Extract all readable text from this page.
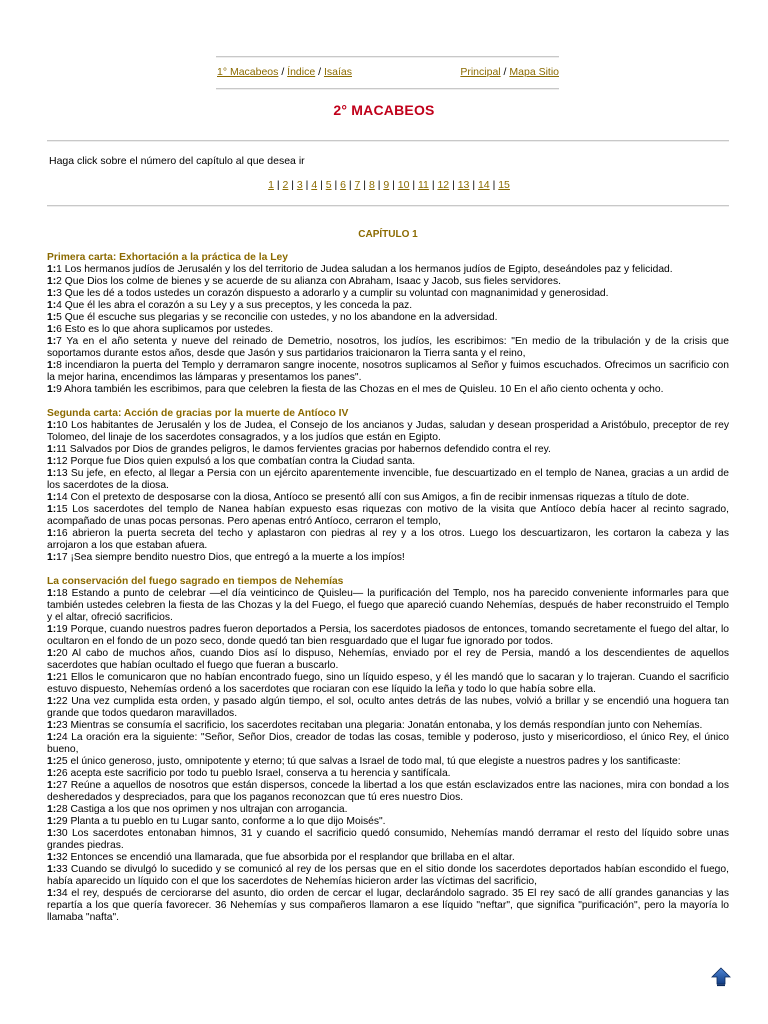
1° Macabeos / Índice / Isaías	Principal / Mapa Sitio
2° MACABEOS
Haga click sobre el número del capítulo al que desea ir
1 | 2 | 3 | 4 | 5 | 6 | 7 | 8 | 9 | 10 | 11 | 12 | 13 | 14 | 15
CAPÍTULO 1

Primera carta: Exhortación a la práctica de la Ley

1:1 Los hermanos judíos de Jerusalén y los del territorio de Judea saludan a los hermanos judíos de Egipto, deseándoles paz y felicidad.

1:2 Que Dios los colme de bienes y se acuerde de su alianza con Abraham, Isaac y Jacob, sus fieles servidores.

1:3 Que les dé a todos ustedes un corazón dispuesto a adorarlo y a cumplir su voluntad con magnanimidad y generosidad.

1:4 Que él les abra el corazón a su Ley y a sus preceptos, y les conceda la paz.

1:5 Que él escuche sus plegarias y se reconcilie con ustedes, y no los abandone en la adversidad.

1:6 Esto es lo que ahora suplicamos por ustedes.

1:7 Ya en el año setenta y nueve del reinado de Demetrio, nosotros, los judíos, les escribimos: "En medio de la tribulación y de la crisis que soportamos durante estos años, desde que Jasón y sus partidarios traicionaron la Tierra santa y el reino,

1:8 incendiaron la puerta del Templo y derramaron sangre inocente, nosotros suplicamos al Señor y fuimos escuchados. Ofrecimos un sacrificio con la mejor harina, encendimos las lámparas y presentamos los panes".

1:9 Ahora también les escribimos, para que celebren la fiesta de las Chozas en el mes de Quisleu. 10 En el año ciento ochenta y ocho.

Segunda carta: Acción de gracias por la muerte de Antíoco IV

1:10 Los habitantes de Jerusalén y los de Judea, el Consejo de los ancianos y Judas, saludan y desean prosperidad a Aristóbulo, preceptor de rey Tolomeo, del linaje de los sacerdotes consagrados, y a los judíos que están en Egipto.

1:11 Salvados por Dios de grandes peligros, le damos fervientes gracias por habernos defendido contra el rey.

1:12 Porque fue Dios quien expulsó a los que combatían contra la Ciudad santa.

1:13 Su jefe, en efecto, al llegar a Persia con un ejército aparentemente invencible, fue descuartizado en el templo de Nanea, gracias a un ardid de los sacerdotes de la diosa.

1:14 Con el pretexto de desposarse con la diosa, Antíoco se presentó allí con sus Amigos, a fin de recibir inmensas riquezas a título de dote.

1:15 Los sacerdotes del templo de Nanea habían expuesto esas riquezas con motivo de la visita que Antíoco debía hacer al recinto sagrado, acompañado de unas pocas personas. Pero apenas entró Antíoco, cerraron el templo,

1:16 abrieron la puerta secreta del techo y aplastaron con piedras al rey y a los otros. Luego los descuartizaron, les cortaron la cabeza y las arrojaron a los que estaban afuera.

1:17 ¡Sea siempre bendito nuestro Dios, que entregó a la muerte a los impíos!

La conservación del fuego sagrado en tiempos de Nehemías

1:18 Estando a punto de celebrar —el día veinticinco de Quisleu— la purificación del Templo, nos ha parecido conveniente informarles para que también ustedes celebren la fiesta de las Chozas y la del Fuego, el fuego que apareció cuando Nehemías, después de haber reconstruido el Templo y el altar, ofreció sacrificios.

1:19 Porque, cuando nuestros padres fueron deportados a Persia, los sacerdotes piadosos de entonces, tomando secretamente el fuego del altar, lo ocultaron en el fondo de un pozo seco, donde quedó tan bien resguardado que el lugar fue ignorado por todos.

1:20 Al cabo de muchos años, cuando Dios así lo dispuso, Nehemías, enviado por el rey de Persia, mandó a los descendientes de aquellos sacerdotes que habían ocultado el fuego que fueran a buscarlo.

1:21 Ellos le comunicaron que no habían encontrado fuego, sino un líquido espeso, y él les mandó que lo sacaran y lo trajeran. Cuando el sacrificio estuvo dispuesto, Nehemías ordenó a los sacerdotes que rociaran con ese líquido la leña y todo lo que había sobre ella.

1:22 Una vez cumplida esta orden, y pasado algún tiempo, el sol, oculto antes detrás de las nubes, volvió a brillar y se encendió una hoguera tan grande que todos quedaron maravillados.

1:23 Mientras se consumía el sacrificio, los sacerdotes recitaban una plegaria: Jonatán entonaba, y los demás respondían junto con Nehemías.

1:24 La oración era la siguiente: "Señor, Señor Dios, creador de todas las cosas, temible y poderoso, justo y misericordioso, el único Rey, el único bueno,

1:25 el único generoso, justo, omnipotente y eterno; tú que salvas a Israel de todo mal, tú que elegiste a nuestros padres y los santificaste:

1:26 acepta este sacrificio por todo tu pueblo Israel, conserva a tu herencia y santifícala.

1:27 Reúne a aquellos de nosotros que están dispersos, concede la libertad a los que están esclavizados entre las naciones, mira con bondad a los desheredados y despreciados, para que los paganos reconozcan que tú eres nuestro Dios.

1:28 Castiga a los que nos oprimen y nos ultrajan con arrogancia.

1:29 Planta a tu pueblo en tu Lugar santo, conforme a lo que dijo Moisés".

1:30 Los sacerdotes entonaban himnos, 31 y cuando el sacrificio quedó consumido, Nehemías mandó derramar el resto del líquido sobre unas grandes piedras.

1:32 Entonces se encendió una llamarada, que fue absorbida por el resplandor que brillaba en el altar.

1:33 Cuando se divulgó lo sucedido y se comunicó al rey de los persas que en el sitio donde los sacerdotes deportados habían escondido el fuego, había aparecido un líquido con el que los sacerdotes de Nehemías hicieron arder las víctimas del sacrificio,

1:34 el rey, después de cerciorarse del asunto, dio orden de cercar el lugar, declarándolo sagrado. 35 El rey sacó de allí grandes ganancias y las repartía a los que quería favorecer. 36 Nehemías y sus compañeros llamaron a ese líquido "neftar", que significa "purificación", pero la mayoría lo llamaba "nafta".
